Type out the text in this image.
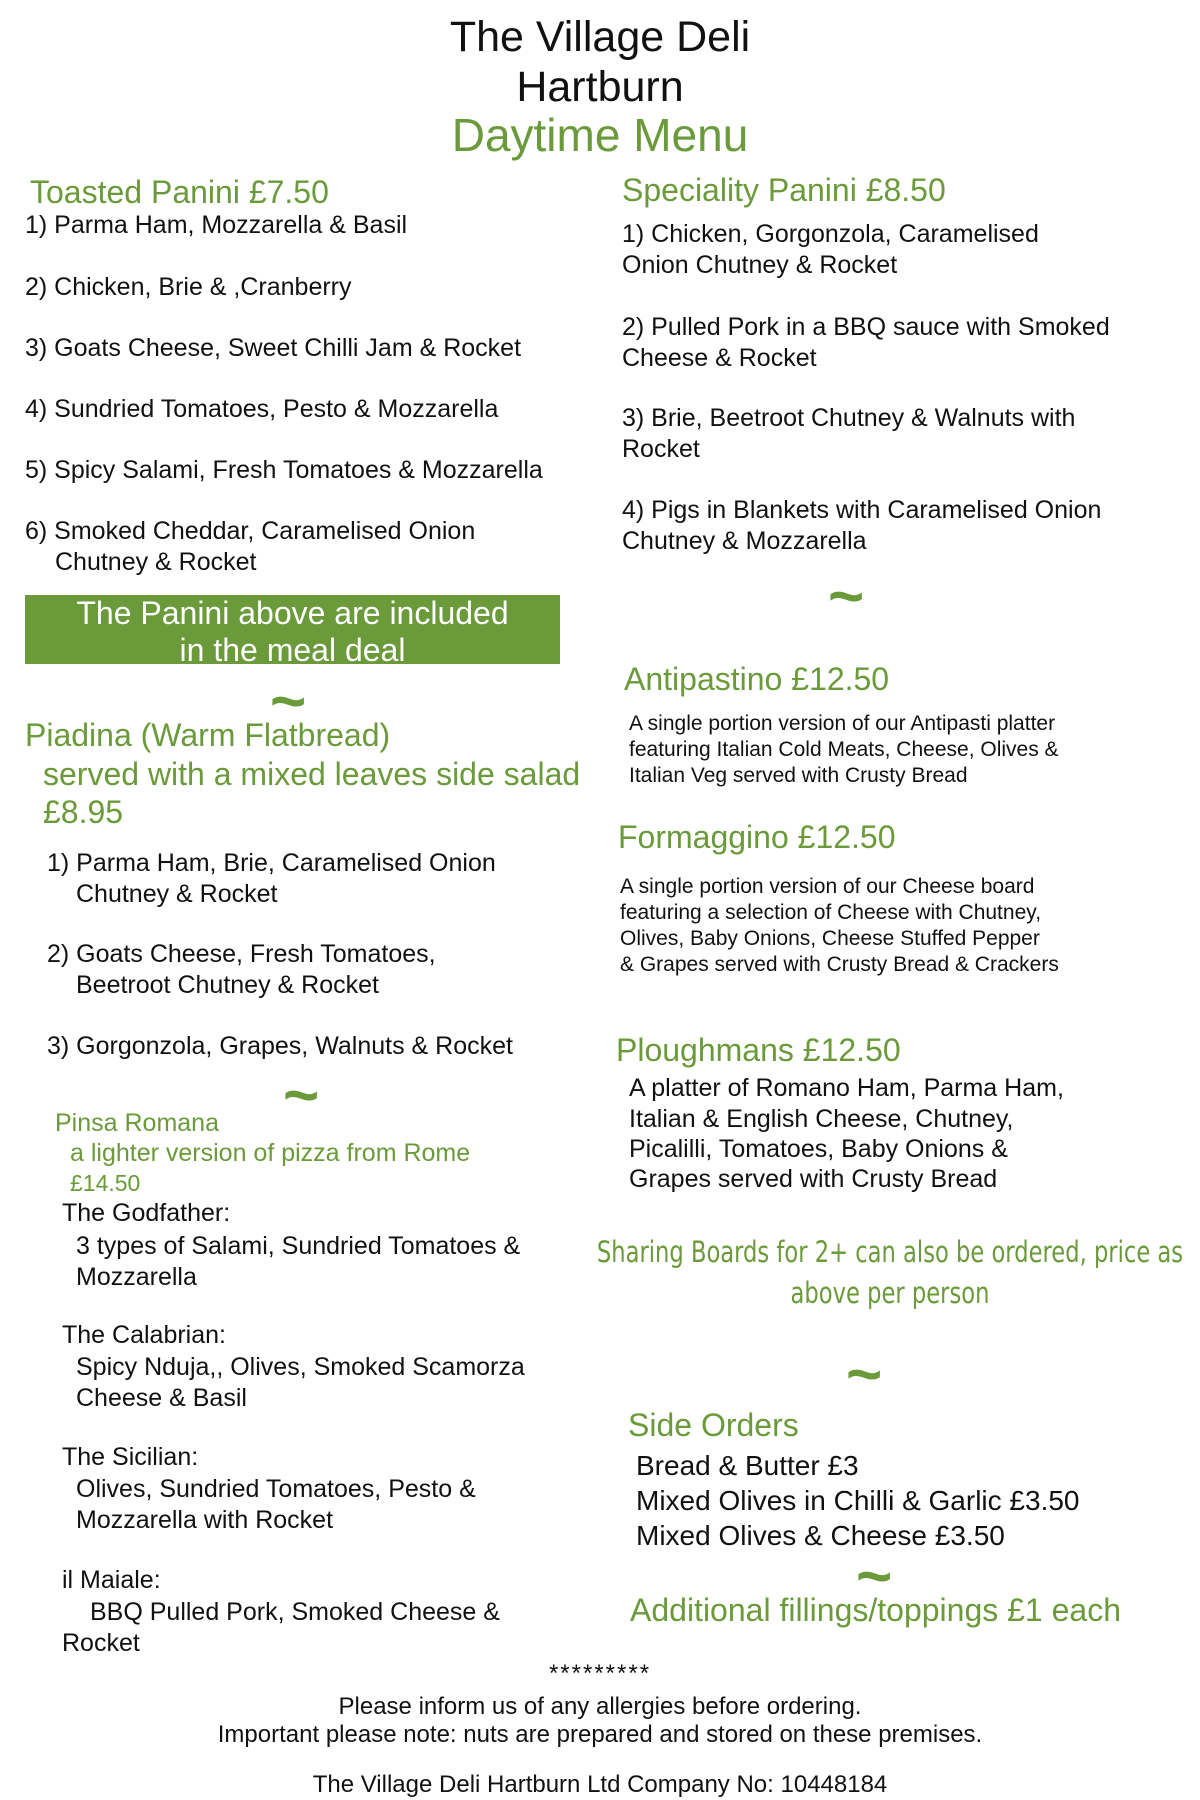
The Village Deli
Hartburn
Daytime Menu
Toasted Panini £7.50
1) Parma Ham, Mozzarella & Basil
2) Chicken, Brie & ,Cranberry
3) Goats Cheese, Sweet Chilli Jam & Rocket
4) Sundried Tomatoes, Pesto & Mozzarella
5) Spicy Salami, Fresh Tomatoes & Mozzarella
6) Smoked Cheddar, Caramelised Onion
Chutney & Rocket
The Panini above are included
in the meal deal
~
Piadina (Warm Flatbread)
served with a mixed leaves side salad
£8.95
1) Parma Ham, Brie, Caramelised Onion
Chutney & Rocket
2) Goats Cheese, Fresh Tomatoes,
Beetroot Chutney & Rocket
3) Gorgonzola, Grapes, Walnuts & Rocket
~
Pinsa Romana
a lighter version of pizza from Rome
£14.50
The Godfather:
3 types of Salami, Sundried Tomatoes &
Mozzarella
The Calabrian:
Spicy Nduja,, Olives, Smoked Scamorza
Cheese & Basil
The Sicilian:
Olives, Sundried Tomatoes, Pesto &
Mozzarella with Rocket
il Maiale:
BBQ Pulled Pork, Smoked Cheese &
Rocket
Speciality Panini £8.50
1) Chicken, Gorgonzola, Caramelised
Onion Chutney & Rocket
2) Pulled Pork in a BBQ sauce with Smoked
Cheese & Rocket
3) Brie, Beetroot Chutney & Walnuts with
Rocket
4) Pigs in Blankets with Caramelised Onion
Chutney & Mozzarella
~
Antipastino £12.50
A single portion version of our Antipasti platter
featuring Italian Cold Meats, Cheese, Olives &
Italian Veg served with Crusty Bread
Formaggino £12.50
A single portion version of our Cheese board
featuring a selection of Cheese with Chutney,
Olives, Baby Onions, Cheese Stuffed Pepper
& Grapes served with Crusty Bread & Crackers
Ploughmans £12.50
A platter of Romano Ham, Parma Ham,
Italian & English Cheese, Chutney,
Picalilli, Tomatoes, Baby Onions &
Grapes served with Crusty Bread
Sharing Boards for 2+ can also be ordered, price as
above per person
~
Side Orders
Bread & Butter £3
Mixed Olives in Chilli & Garlic £3.50
Mixed Olives & Cheese £3.50
~
Additional fillings/toppings £1 each
*********
Please inform us of any allergies before ordering.
Important please note: nuts are prepared and stored on these premises.
The Village Deli Hartburn Ltd Company No: 10448184
